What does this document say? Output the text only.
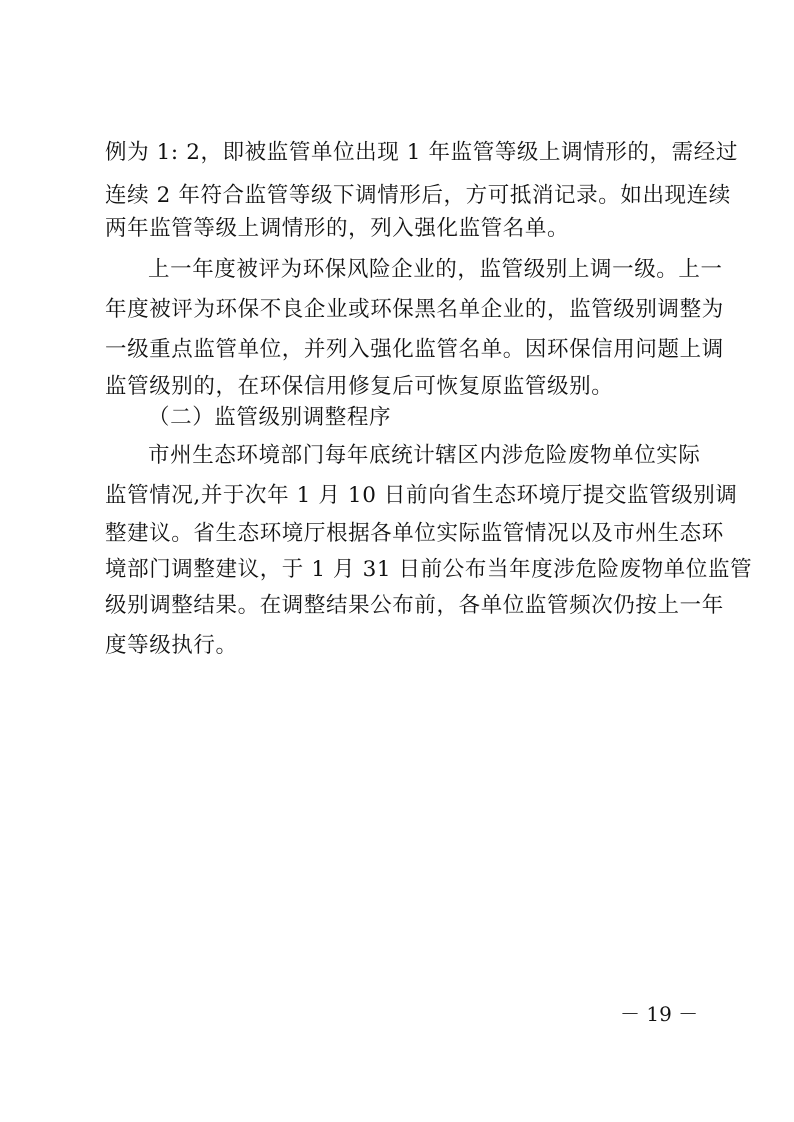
例为 1: 2，即被监管单位出现 1 年监管等级上调情形的，需经过
连续 2 年符合监管等级下调情形后，方可抵消记录。如出现连续
两年监管等级上调情形的，列入强化监管名单。
上一年度被评为环保风险企业的，监管级别上调一级。上一
年度被评为环保不良企业或环保黑名单企业的，监管级别调整为
一级重点监管单位，并列入强化监管名单。因环保信用问题上调
监管级别的，在环保信用修复后可恢复原监管级别。
（二）监管级别调整程序
市州生态环境部门每年底统计辖区内涉危险废物单位实际
监管情况,并于次年 1 月 10 日前向省生态环境厅提交监管级别调
整建议。省生态环境厅根据各单位实际监管情况以及市州生态环
境部门调整建议，于 1 月 31 日前公布当年度涉危险废物单位监管
级别调整结果。在调整结果公布前，各单位监管频次仍按上一年
度等级执行。
－ 19 －
